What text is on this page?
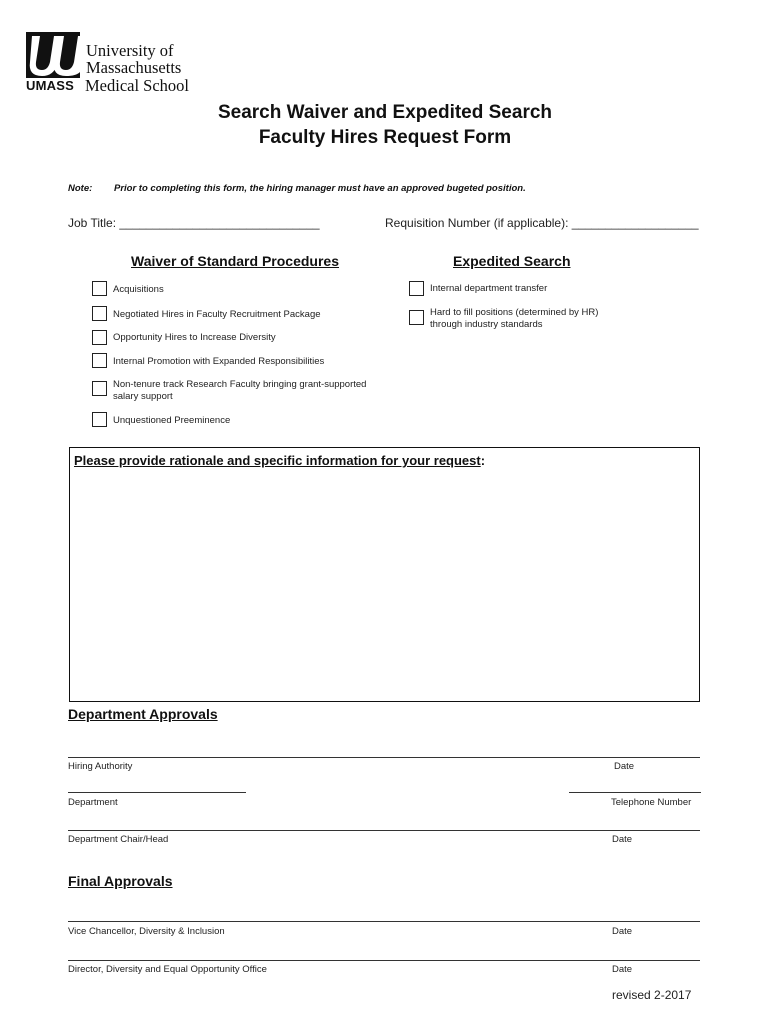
University of
Massachusetts
UMASS Medical School
Search Waiver and Expedited Search
Faculty Hires Request Form
Note: Prior to completing this form, the hiring manager must have an approved bugeted position.
Job Title: ______________________________	Requisition Number (if applicable): ___________________
Waiver of Standard Procedures	Expedited Search
Acquisitions
Negotiated Hires in Faculty Recruitment Package
Opportunity Hires to Increase Diversity
Internal Promotion with Expanded Responsibilities
Non-tenure track Research Faculty bringing grant-supported
salary support
Unquestioned Preeminence
Internal department transfer
Hard to fill positions (determined by HR)
through industry standards
Please provide rationale and specific information for your request:
Department Approvals
Hiring Authority	Date
Department	Telephone Number
Department Chair/Head	Date
Final Approvals
Vice Chancellor, Diversity & Inclusion	Date
Director, Diversity and Equal Opportunity Office	Date
revised 2-2017
